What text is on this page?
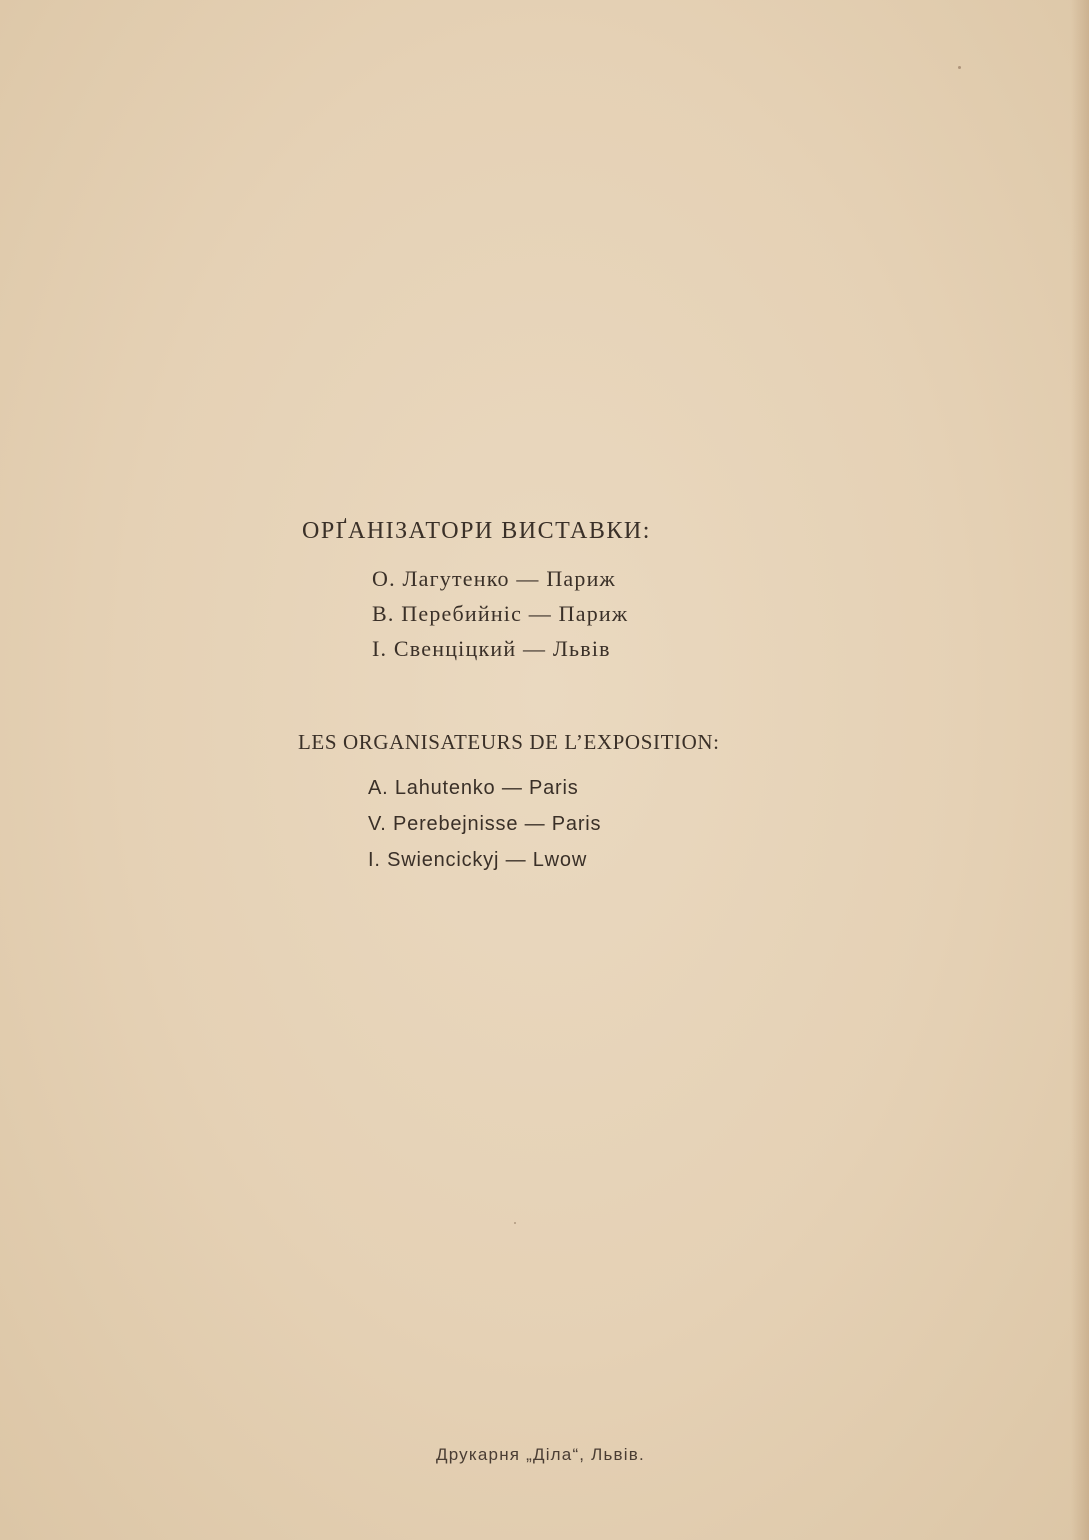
ОРҐАНІЗАТОРИ ВИСТАВКИ:
О. Лагутенко — Париж
В. Перебийніс — Париж
І. Свенціцкий — Львів
LES ORGANISATEURS DE L’EXPOSITION:
A. Lahutenko — Paris
V. Perebejnisse — Paris
I. Swiencickyj — Lwow
Друкарня „Діла“, Львів.
